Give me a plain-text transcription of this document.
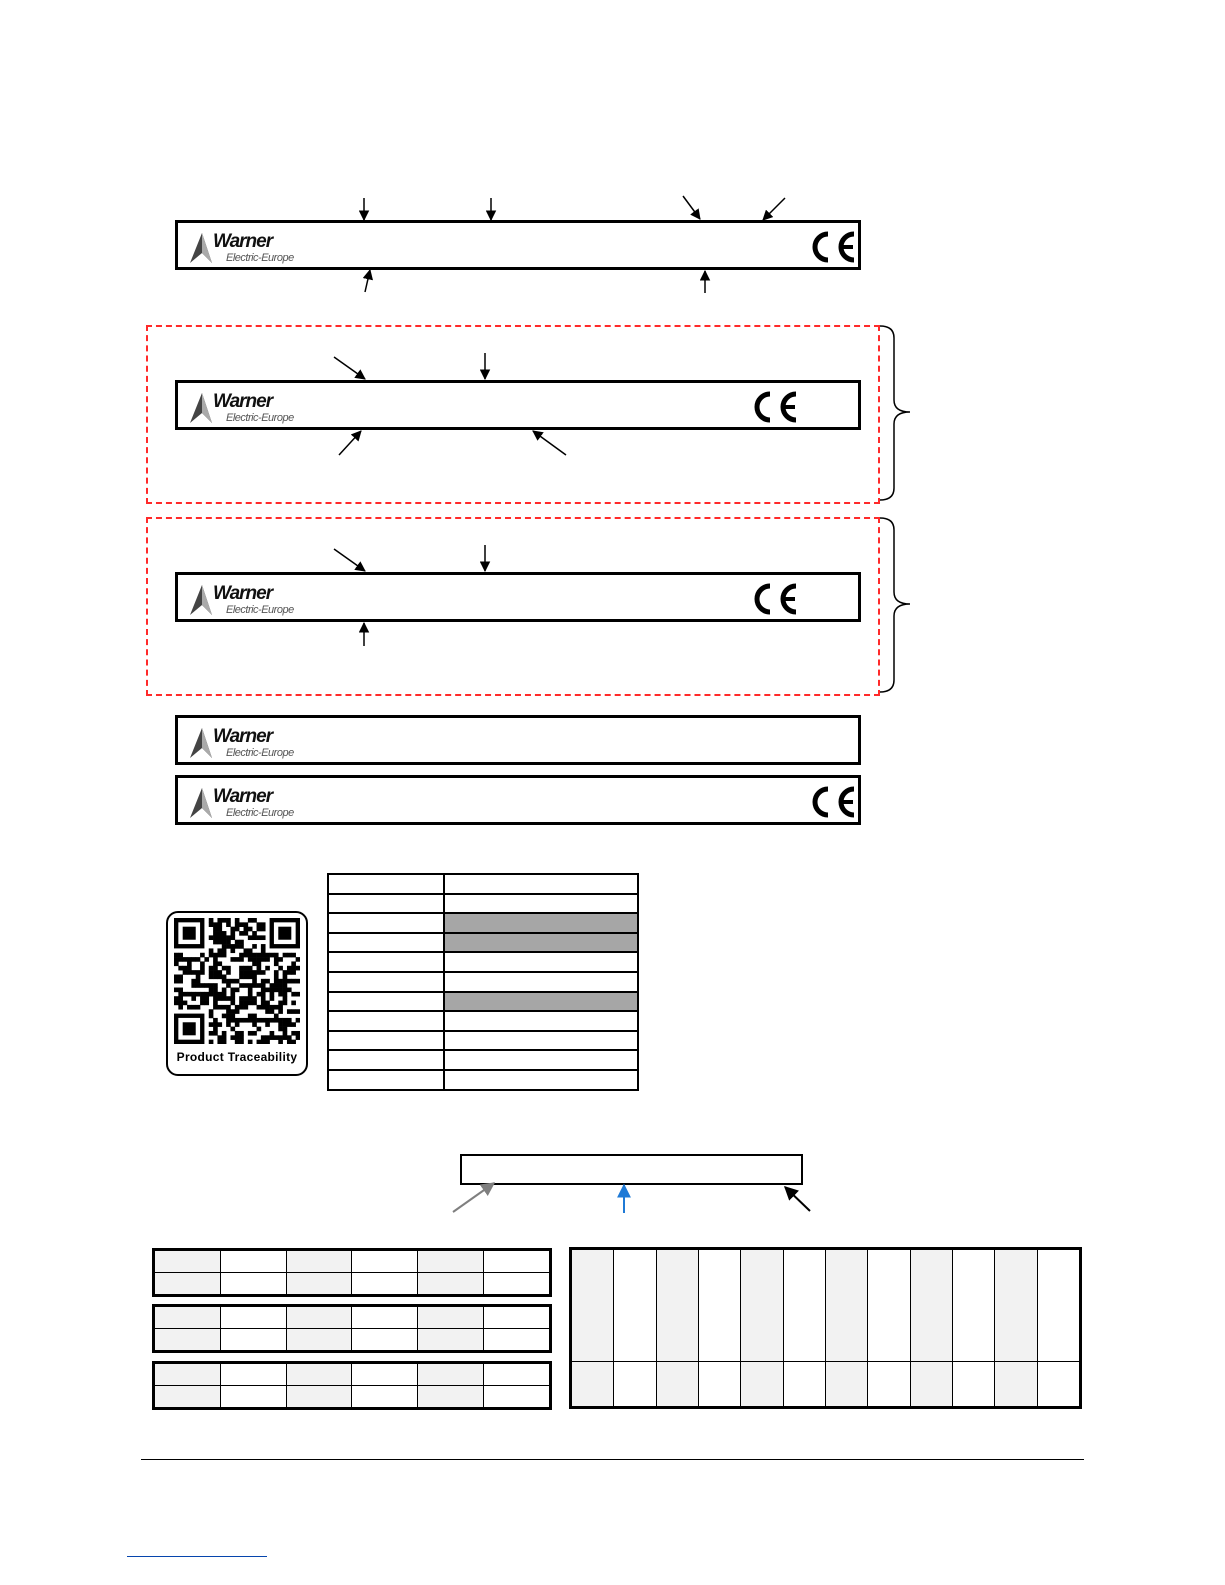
Warner
Electric-Europe
Warner
Electric-Europe
Warner
Electric-Europe
Warner
Electric-Europe
Warner
Electric-Europe
Product Traceability
